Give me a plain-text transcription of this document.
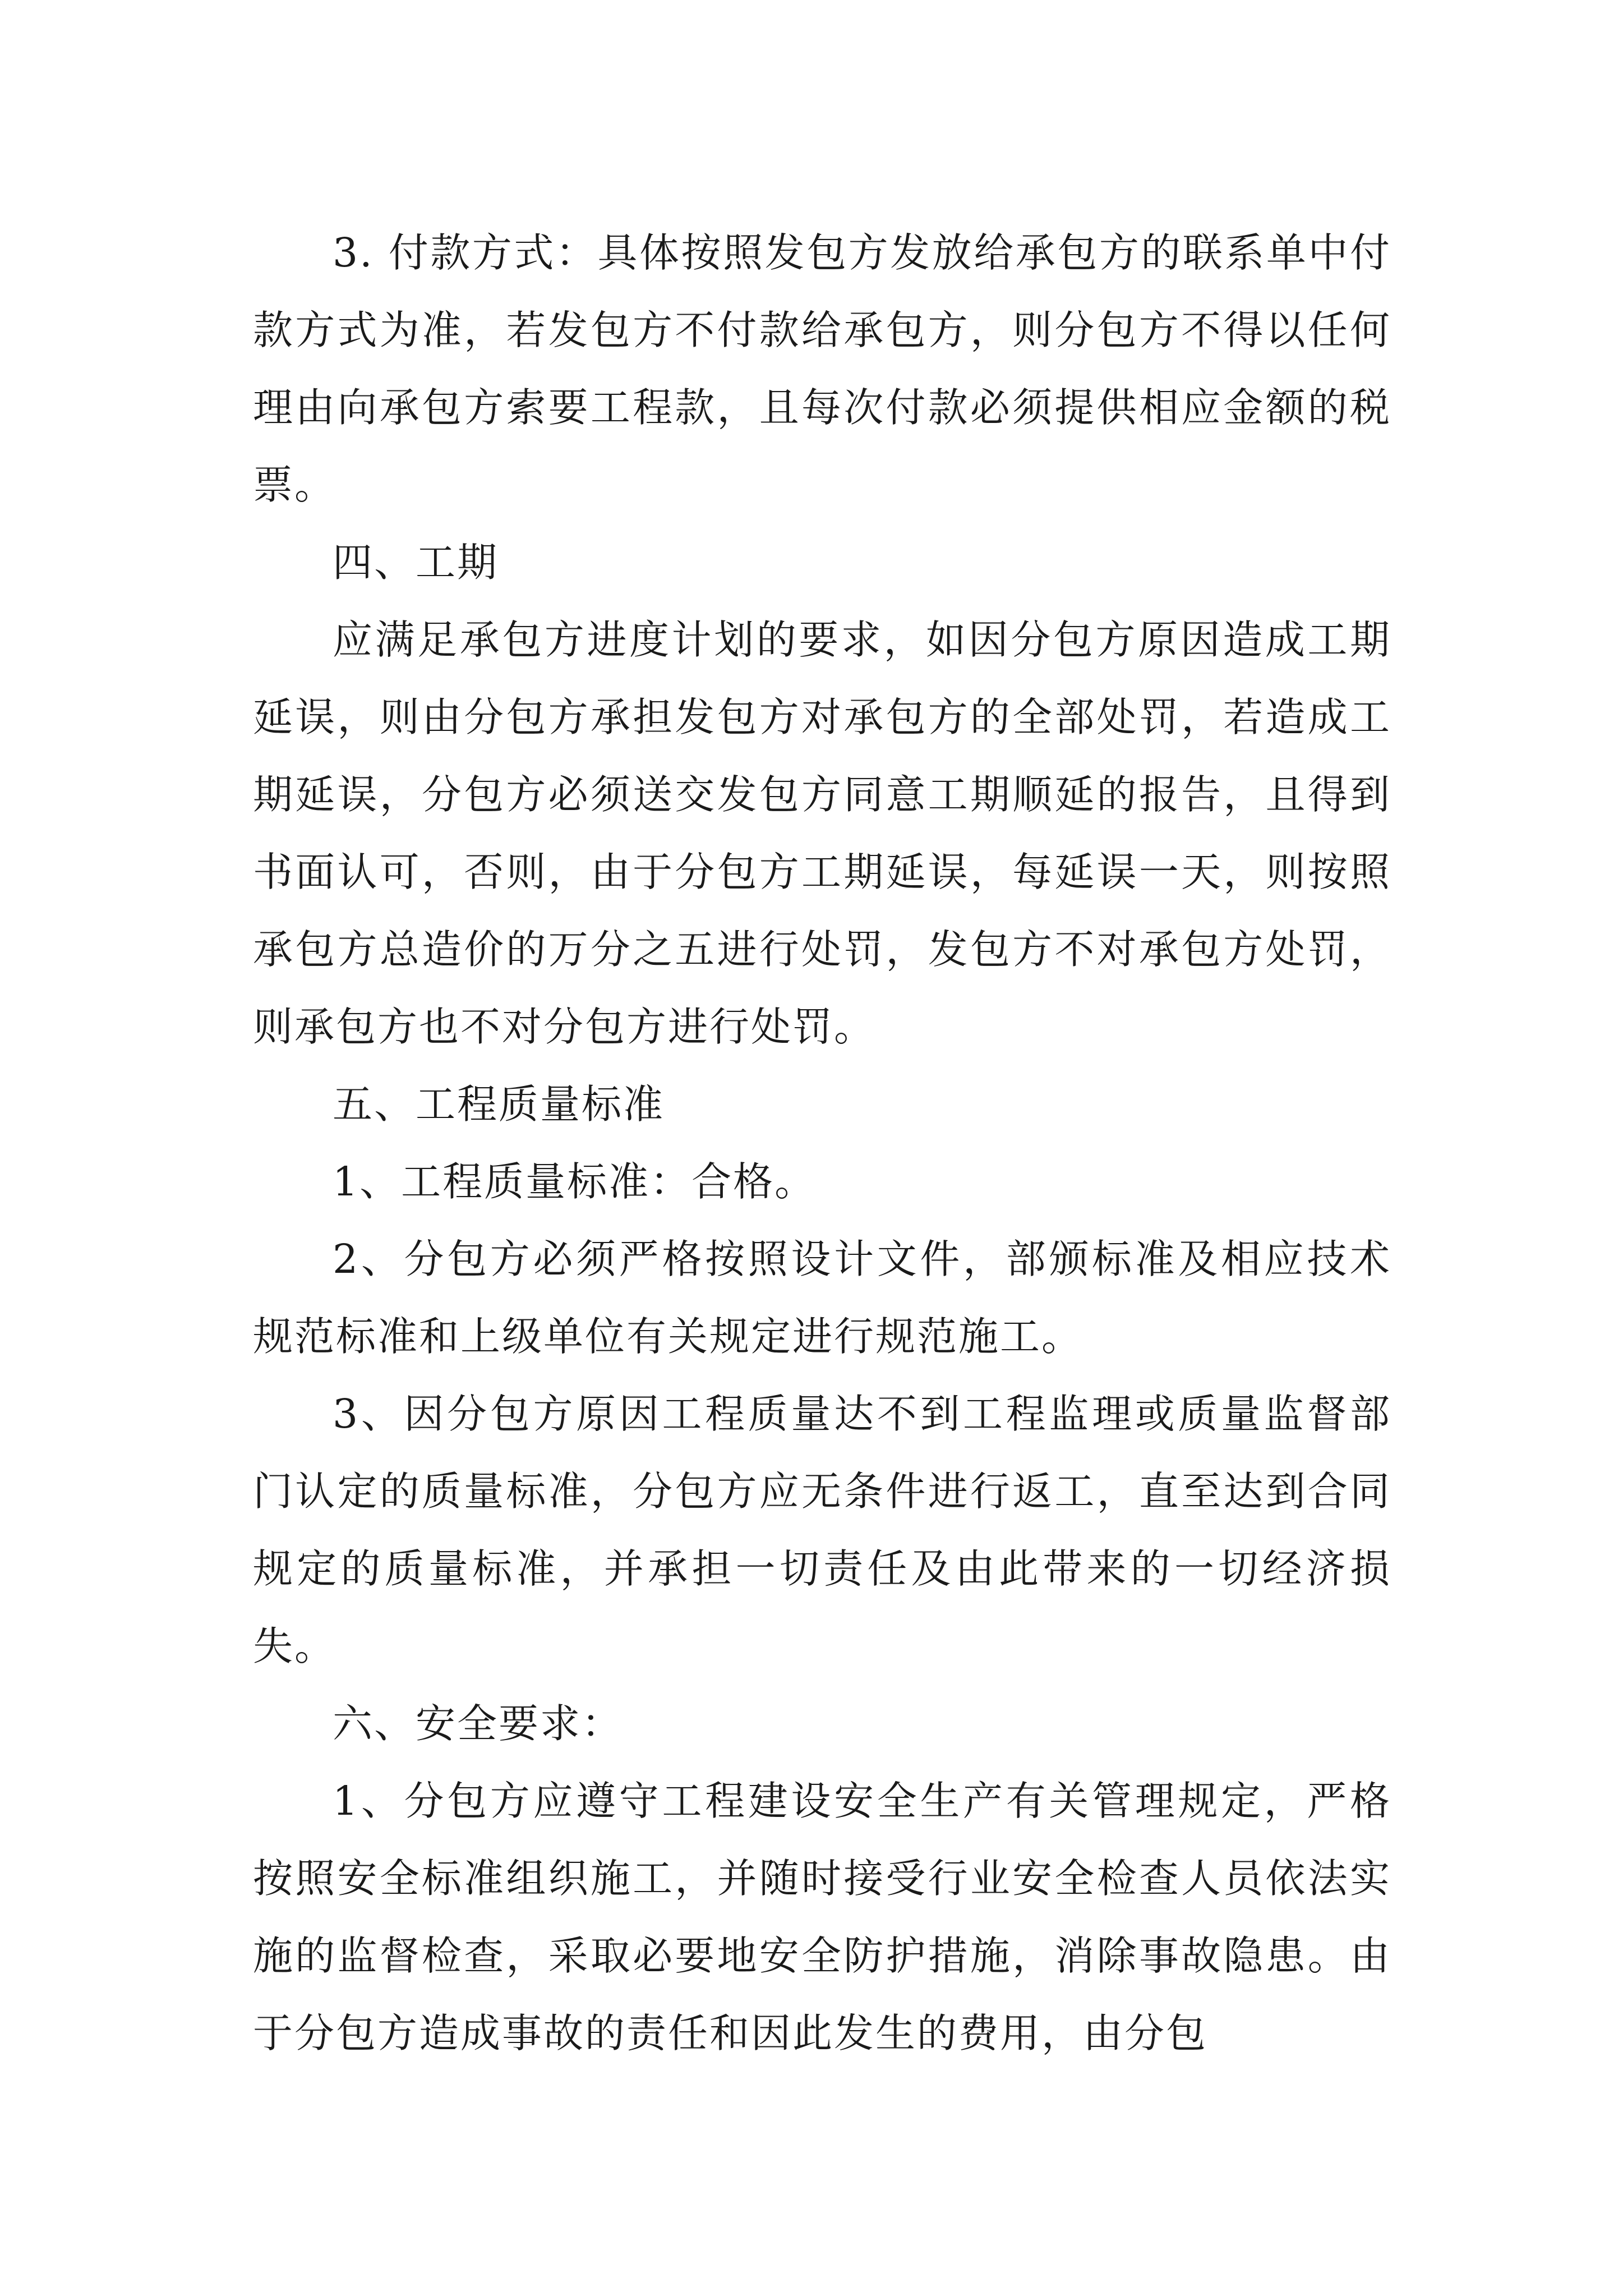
3. 付款方式：具体按照发包方发放给承包方的联系单中付款方式为准，若发包方不付款给承包方，则分包方不得以任何理由向承包方索要工程款，且每次付款必须提供相应金额的税票。

四、工期

应满足承包方进度计划的要求，如因分包方原因造成工期延误，则由分包方承担发包方对承包方的全部处罚，若造成工期延误，分包方必须送交发包方同意工期顺延的报告，且得到书面认可，否则，由于分包方工期延误，每延误一天，则按照承包方总造价的万分之五进行处罚，发包方不对承包方处罚，则承包方也不对分包方进行处罚。

五、工程质量标准

1、工程质量标准：合格。

2、分包方必须严格按照设计文件，部颁标准及相应技术规范标准和上级单位有关规定进行规范施工。

3、因分包方原因工程质量达不到工程监理或质量监督部门认定的质量标准，分包方应无条件进行返工，直至达到合同规定的质量标准，并承担一切责任及由此带来的一切经济损失。

六、安全要求：

1、分包方应遵守工程建设安全生产有关管理规定，严格按照安全标准组织施工，并随时接受行业安全检查人员依法实施的监督检查，采取必要地安全防护措施，消除事故隐患。由于分包方造成事故的责任和因此发生的费用，由分包
